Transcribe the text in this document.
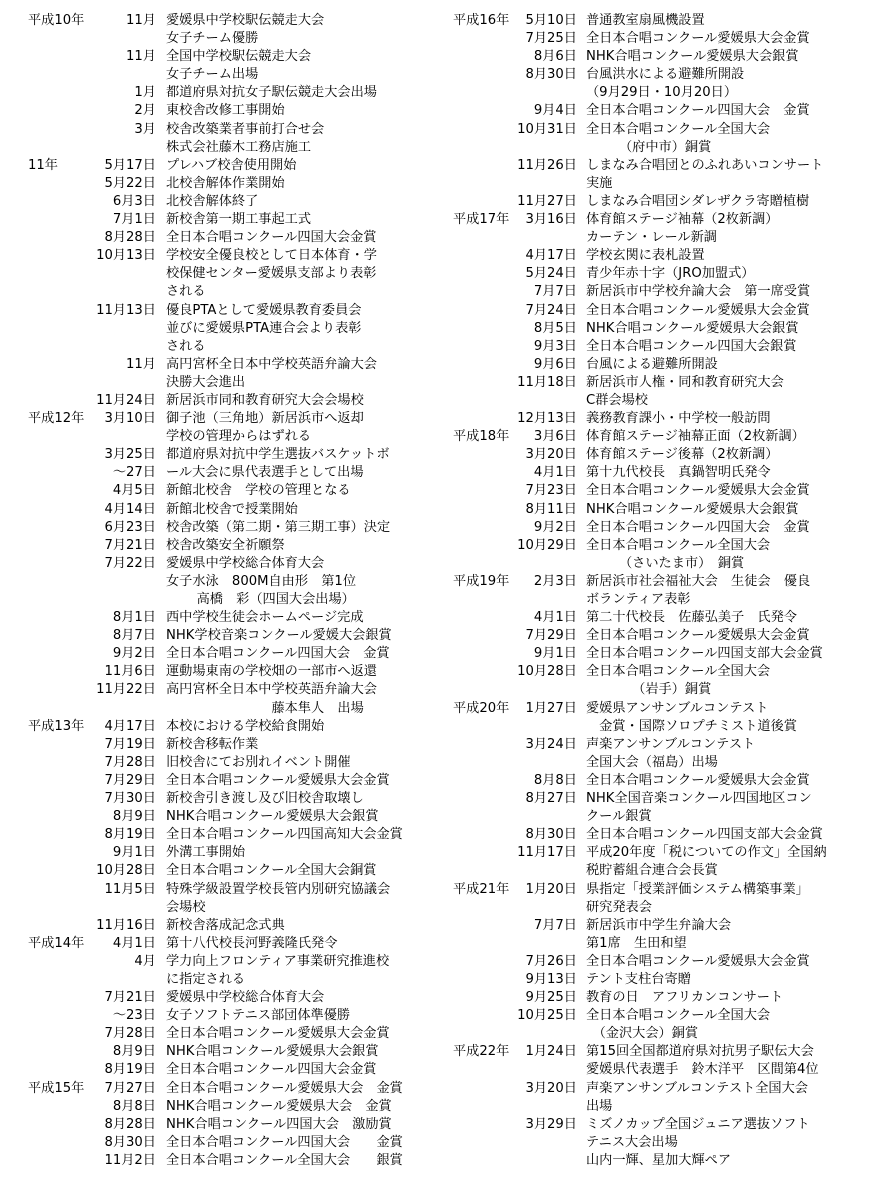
平成10年	11月 愛媛県中学校駅伝競走大会
女子チーム優勝
11月 全国中学校駅伝競走大会
女子チーム出場
1月 都道府県対抗女子駅伝競走大会出場
2月 東校舎改修工事開始
3月 校舎改築業者事前打合せ会
株式会社藤木工務店施工
11年	5月17日 プレハブ校舎使用開始
5月22日 北校舎解体作業開始
6月3日 北校舎解体終了
7月1日 新校舎第一期工事起工式
8月28日 全日本合唱コンクール四国大会金賞
10月13日 学校安全優良校として日本体育・学
校保健センター愛媛県支部より表彰
される
11月13日 優良PTAとして愛媛県教育委員会
並びに愛媛県PTA連合会より表彰
される
11月 高円宮杯全日本中学校英語弁論大会
決勝大会進出
11月24日 新居浜市同和教育研究大会会場校
平成12年	3月10日 御子池（三角地）新居浜市へ返却
学校の管理からはずれる
3月25日 都道府県対抗中学生選抜バスケットボ
～27日 ール大会に県代表選手として出場
4月5日 新館北校舎　学校の管理となる
4月14日 新館北校舎で授業開始
6月23日 校舎改築（第二期・第三期工事）決定
7月21日 校舎改築安全祈願祭
7月22日 愛媛県中学校総合体育大会
女子水泳　800M自由形　第1位
　　 高橋　彩（四国大会出場）
8月1日 西中学校生徒会ホームページ完成
8月7日 NHK学校音楽コンクール愛媛大会銀賞
9月2日 全日本合唱コンクール四国大会　金賞
11月6日 運動場東南の学校畑の一部市へ返還
11月22日 高円宮杯全日本中学校英語弁論大会
　　　　　　　　藤本隼人　出場
平成13年	4月17日 本校における学校給食開始
7月19日 新校舎移転作業
7月28日 旧校舎にてお別れイベント開催
7月29日 全日本合唱コンクール愛媛県大会金賞
7月30日 新校舎引き渡し及び旧校舎取壊し
8月9日 NHK合唱コンクール愛媛県大会銀賞
8月19日 全日本合唱コンクール四国高知大会金賞
9月1日 外溝工事開始
10月28日 全日本合唱コンクール全国大会銅賞
11月5日 特殊学級設置学校長管内別研究協議会
会場校
11月16日 新校舎落成記念式典
平成14年	4月1日 第十八代校長河野義隆氏発令
4月 学力向上フロンティア事業研究推進校
に指定される
7月21日 愛媛県中学校総合体育大会
～23日 女子ソフトテニス部団体準優勝
7月28日 全日本合唱コンクール愛媛県大会金賞
8月9日 NHK合唱コンクール愛媛県大会銀賞
8月19日 全日本合唱コンクール四国大会金賞
平成15年	7月27日 全日本合唱コンクール愛媛県大会　金賞
8月8日 NHK合唱コンクール愛媛県大会　金賞
8月28日 NHK合唱コンクール四国大会　激励賞
8月30日 全日本合唱コンクール四国大会　　金賞
11月2日 全日本合唱コンクール全国大会　　銀賞
平成16年	5月10日 普通教室扇風機設置
7月25日 全日本合唱コンクール愛媛県大会金賞
8月6日 NHK合唱コンクール愛媛県大会銀賞
8月30日 台風洪水による避難所開設
（9月29日・10月20日）
9月4日 全日本合唱コンクール四国大会　金賞
10月31日 全日本合唱コンクール全国大会
　　　（府中市）銅賞
11月26日 しまなみ合唱団とのふれあいコンサート
実施
11月27日 しまなみ合唱団シダレザクラ寄贈植樹
平成17年	3月16日 体育館ステージ袖幕（2枚新調）
カーテン・レール新調
4月17日 学校玄関に表札設置
5月24日 青少年赤十字（JRO加盟式）
7月7日 新居浜市中学校弁論大会　第一席受賞
7月24日 全日本合唱コンクール愛媛県大会金賞
8月5日 NHK合唱コンクール愛媛県大会銀賞
9月3日 全日本合唱コンクール四国大会銀賞
9月6日 台風による避難所開設
11月18日 新居浜市人権・同和教育研究大会
C群会場校
12月13日 義務教育課小・中学校一般訪問
平成18年	3月6日 体育館ステージ袖幕正面（2枚新調）
3月20日 体育館ステージ後幕（2枚新調）
4月1日 第十九代校長　真鍋智明氏発令
7月23日 全日本合唱コンクール愛媛県大会金賞
8月11日 NHK合唱コンクール愛媛県大会銀賞
9月2日 全日本合唱コンクール四国大会　金賞
10月29日 全日本合唱コンクール全国大会
　　　（さいたま市）　銅賞
平成19年	2月3日 新居浜市社会福祉大会　生徒会　優良
ボランティア表彰
4月1日 第二十代校長　佐藤弘美子　氏発令
7月29日 全日本合唱コンクール愛媛県大会金賞
9月1日 全日本合唱コンクール四国支部大会金賞
10月28日 全日本合唱コンクール全国大会
　　　　（岩手）銅賞
平成20年	1月27日 愛媛県アンサンブルコンテスト
　金賞・国際ソロプチミスト道後賞
3月24日 声楽アンサンブルコンテスト
全国大会（福島）出場
8月8日 全日本合唱コンクール愛媛県大会金賞
8月27日 NHK全国音楽コンクール四国地区コン
クール銀賞
8月30日 全日本合唱コンクール四国支部大会金賞
11月17日 平成20年度「税についての作文」全国納
税貯蓄組合連合会長賞
平成21年	1月20日 県指定「授業評価システム構築事業」
研究発表会
7月7日 新居浜市中学生弁論大会
第1席　生田和望
7月26日 全日本合唱コンクール愛媛県大会金賞
9月13日 テント支柱台寄贈
9月25日 教育の日　アフリカンコンサート
10月25日 全日本合唱コンクール全国大会
　（金沢大会）銅賞
平成22年	1月24日 第15回全国都道府県対抗男子駅伝大会
愛媛県代表選手　鈴木洋平　区間第4位
3月20日 声楽アンサンブルコンテスト全国大会
出場
3月29日 ミズノカップ全国ジュニア選抜ソフト
テニス大会出場
山内一輝、星加大輝ペア
